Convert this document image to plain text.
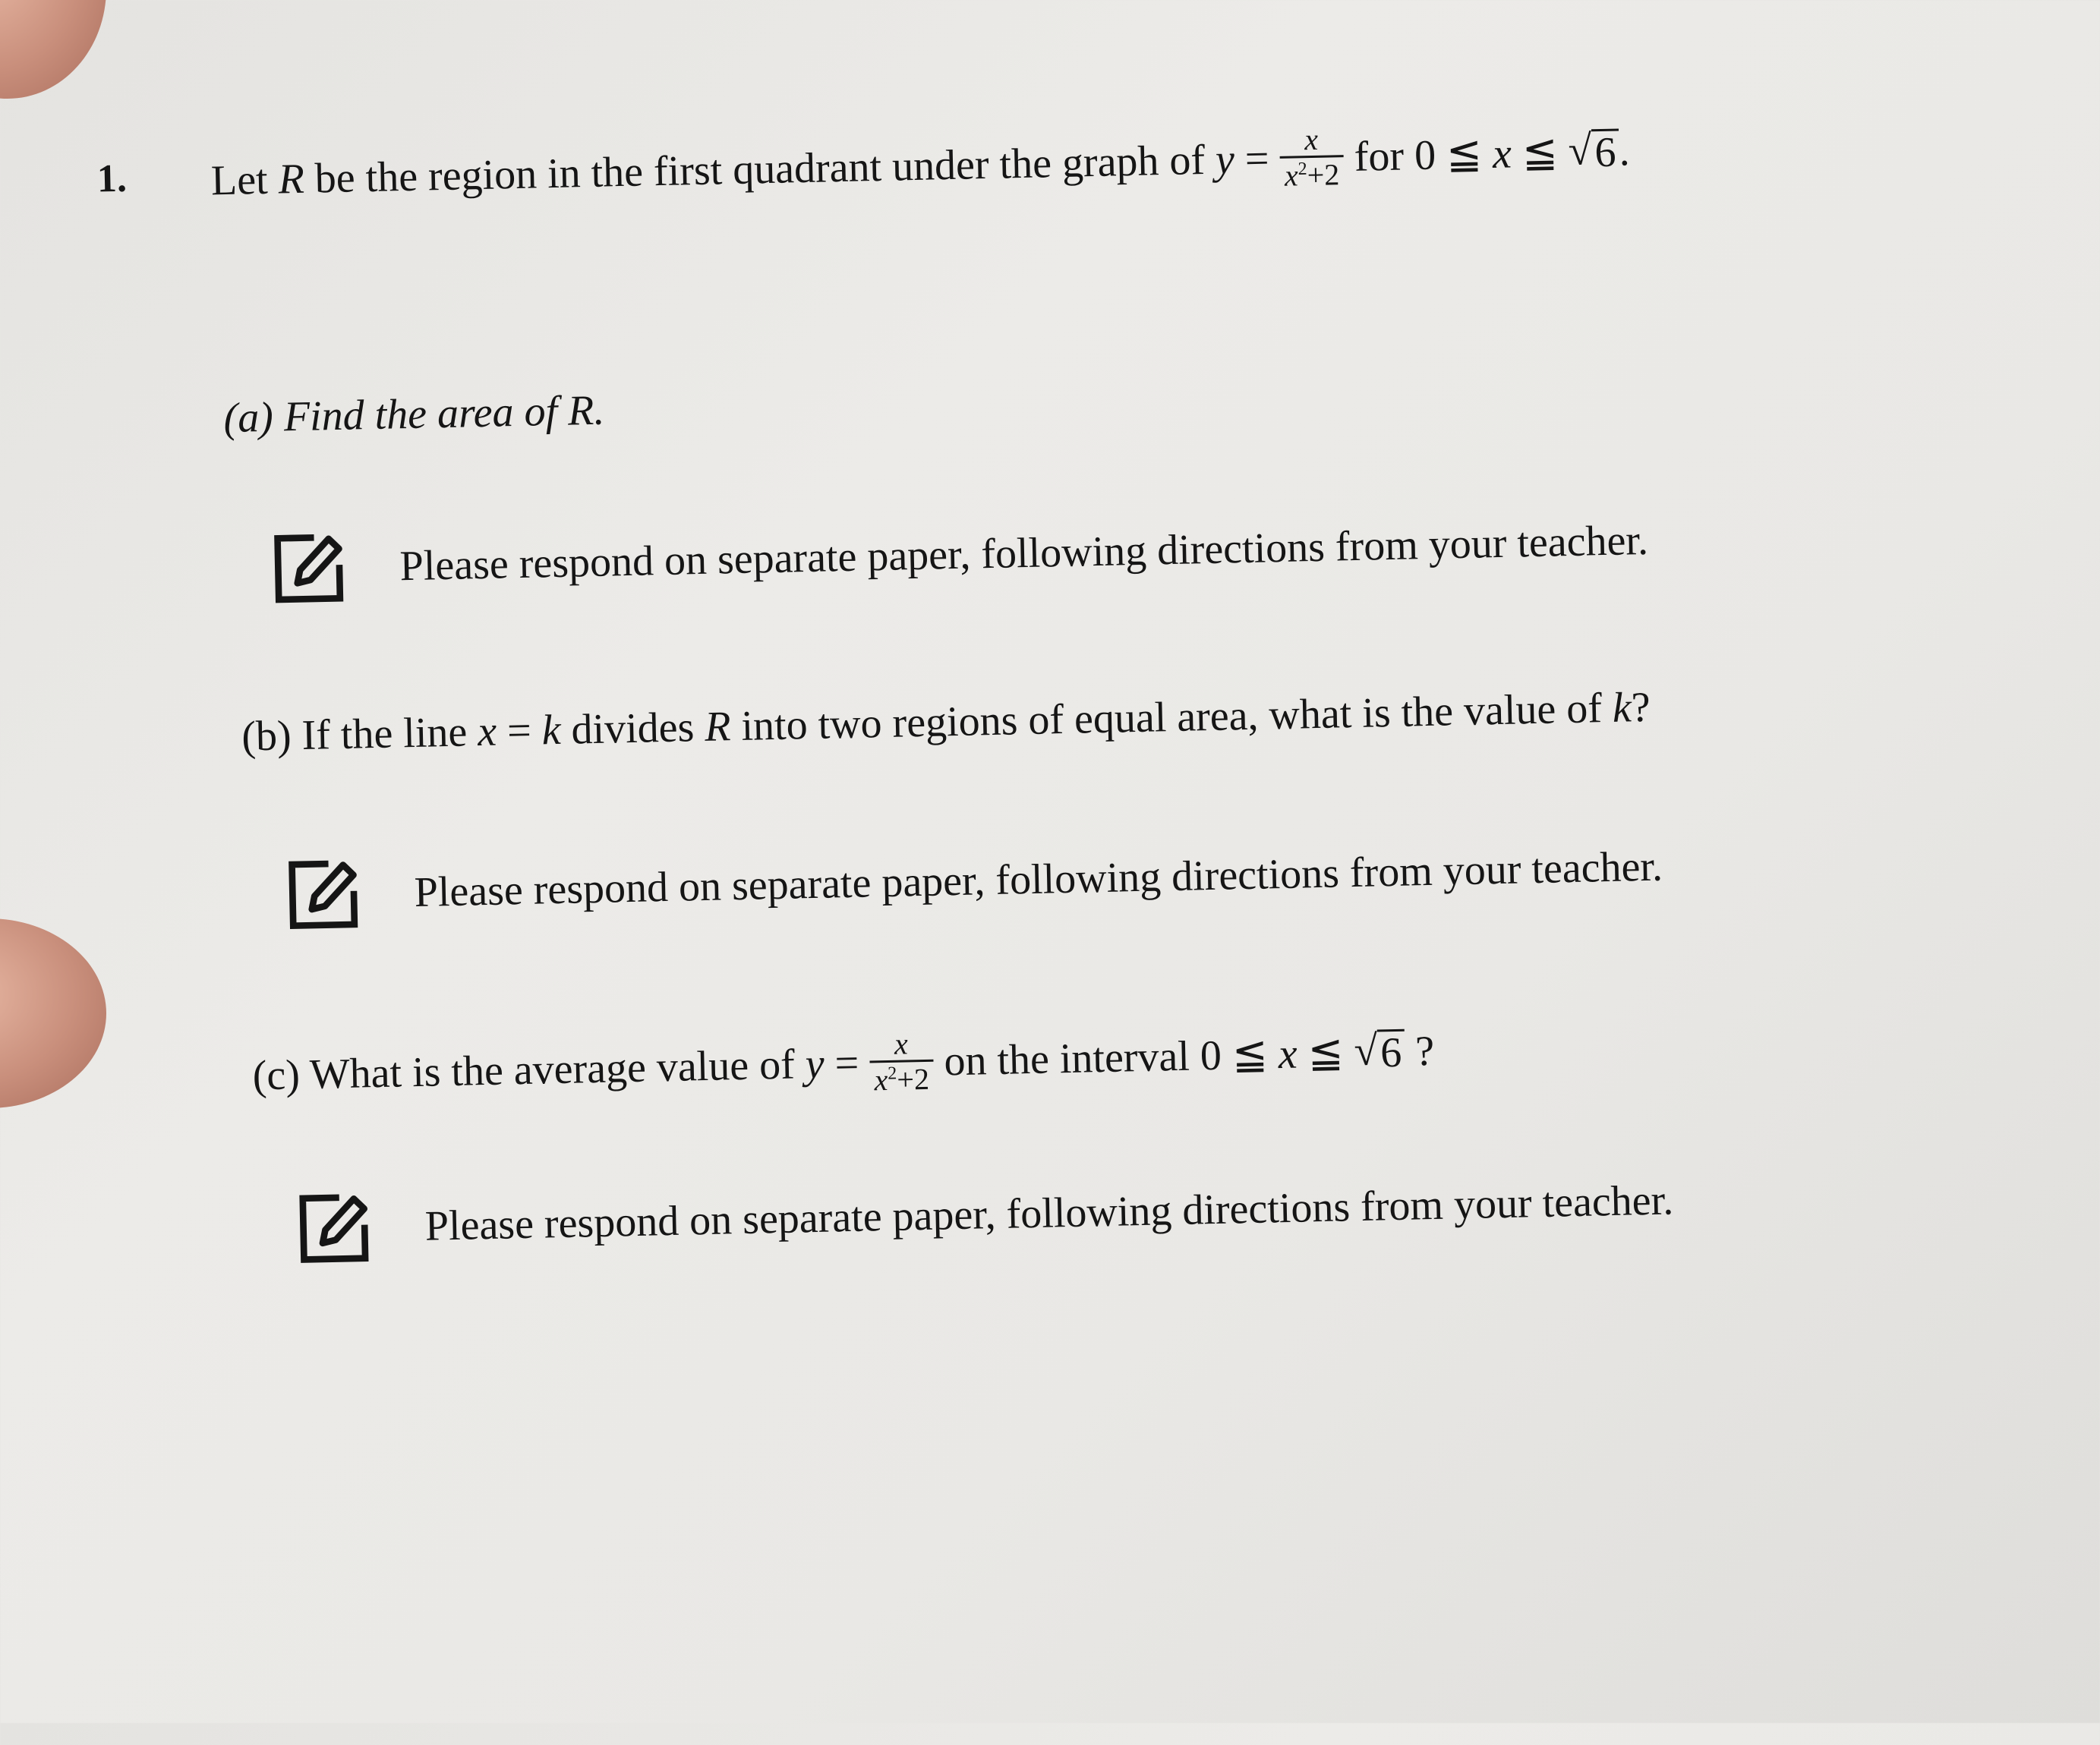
1. Let R be the region in the first quadrant under the graph of $y = \frac{x}{x^2+2}$ for 0 ≦ x ≦ √ 6 .
(a) Find the area of R.
Please respond on separate paper, following directions from your teacher.
(b) If the line x = k divides R into two regions of equal area, what is the value of k
?
Please respond on separate paper, following directions from your teacher.
(c) What is the average value of $y = \frac{x}{x^2+2}$ on the interval 0 ≦ x ≦ √ 6 ?
Please respond on separate paper, following directions from your teacher.
